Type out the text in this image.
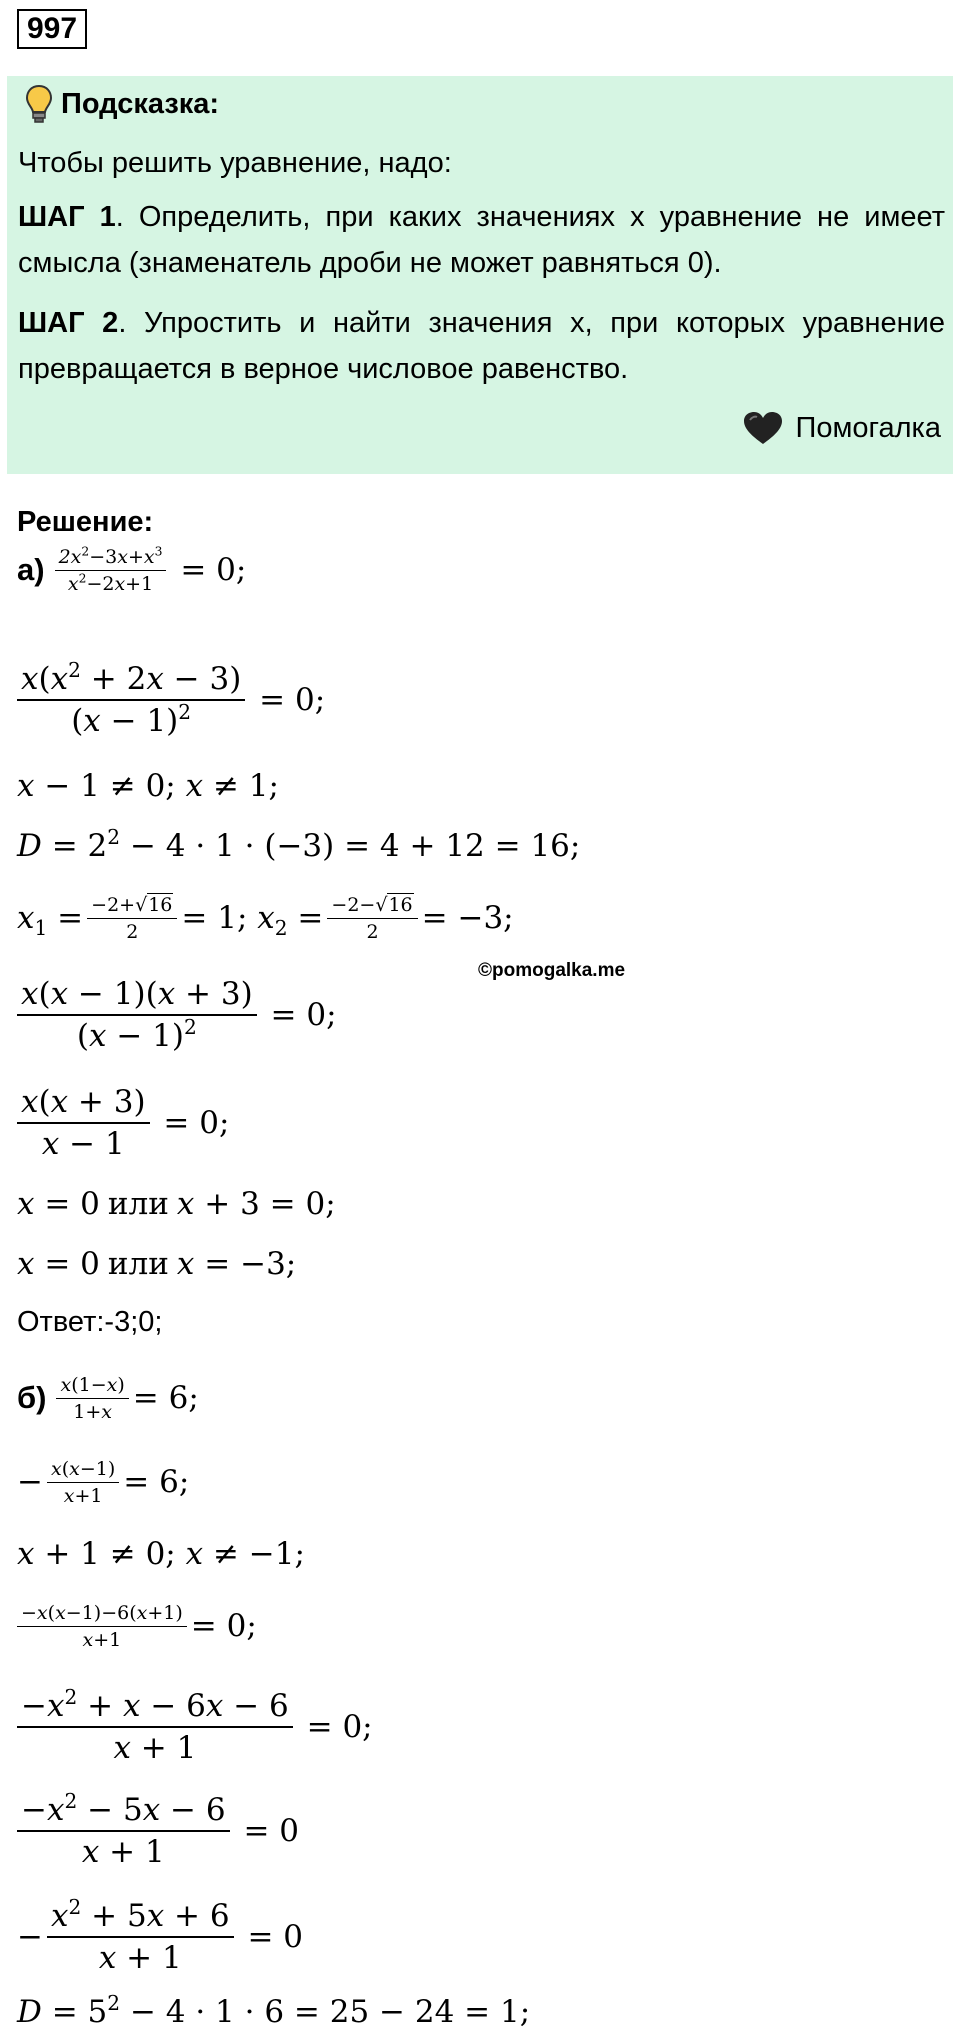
997
Подсказка:
Чтобы решить уравнение, надо:
ШАГ 1. Определить, при каких значениях х уравнение не имеет смысла (знаменатель дроби не может равняться 0).
ШАГ 2. Упростить и найти значения х, при которых уравнение превращается в верное числовое равенство.
Помогалка
Решение:
$а) \frac{2x^2-3x+x^3}{x^2-2x+1} = 0$;
$\frac{x(x^2 + 2x - 3)}{(x - 1)^2} = 0$;
x − 1 ≠ 0; x ≠ 1;
$D = 2^2 - 4 \cdot 1 \cdot (-3) = 4 + 12 = 16$;
$x_1 = \frac{-2+√16}{2} = 1$; $x_2 = \frac{-2-√16}{2} = -3$;
©pomogalka.me
$\frac{x(x - 1)(x + 3)}{(x - 1)^2} = 0$;
$\frac{x(x + 3)}{x - 1} = 0$;
x = 0 или x + 3 = 0;
x = 0 или x = −3;
Ответ:-3;0;
$б) \frac{x(1-x)}{1+x} = 6$;
− $\frac{x(x-1)}{x+1} = 6$;
x + 1 ≠ 0; x ≠ −1;
$\frac{-x(x-1)-6(x+1)}{x+1} = 0$;
$\frac{-x^2 + x - 6x - 6}{x + 1} = 0$;
$\frac{-x^2 - 5x - 6}{x + 1} = 0$
− $\frac{x^2 + 5x + 6}{x + 1} = 0$
$D = 5^2 - 4 \cdot 1 \cdot 6 = 25 - 24 = 1$;
